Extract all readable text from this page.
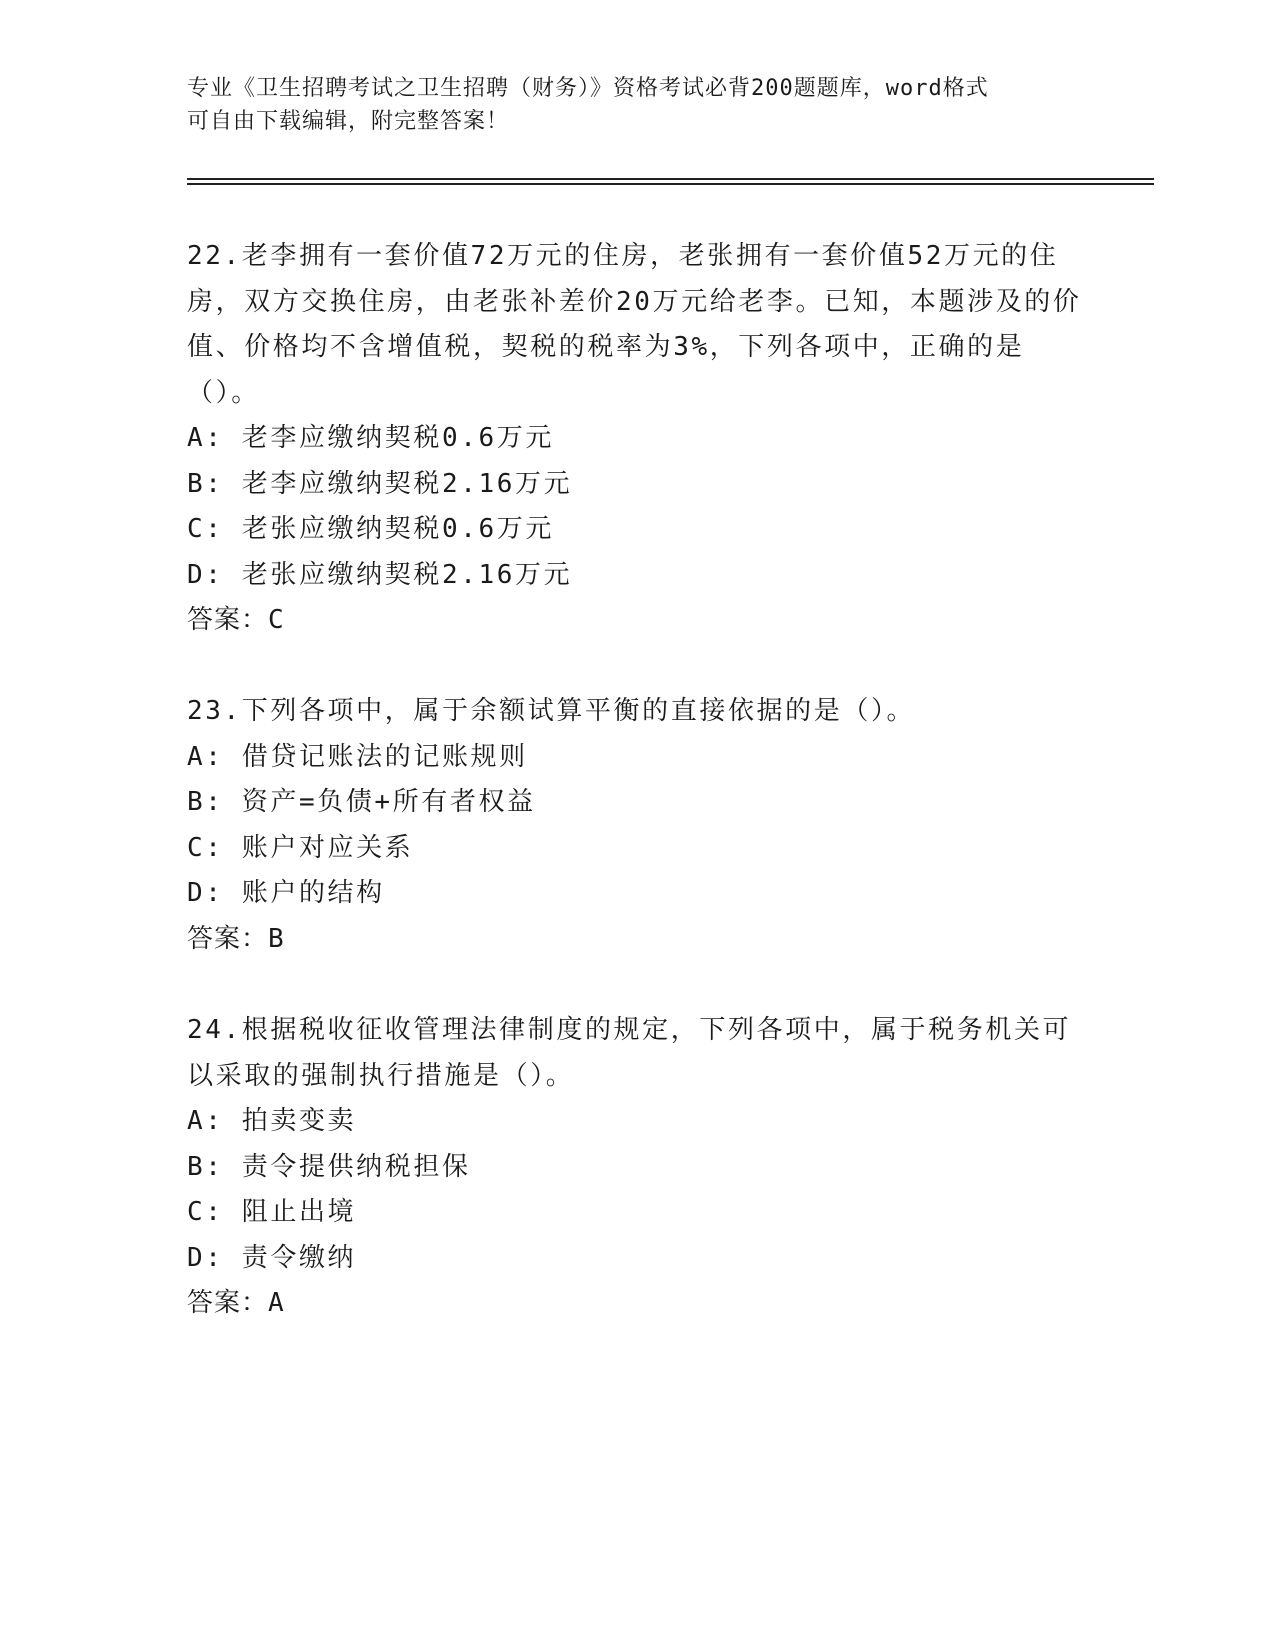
专业《卫生招聘考试之卫生招聘（财务）》资格考试必背200题题库，word格式
可自由下载编辑，附完整答案！
22.老李拥有一套价值72万元的住房，老张拥有一套价值52万元的住房，双方交换住房，由老张补差价20万元给老李。已知，本题涉及的价值、价格均不含增值税，契税的税率为3%，下列各项中，正确的是（）。
A: 老李应缴纳契税0.6万元
B: 老李应缴纳契税2.16万元
C: 老张应缴纳契税0.6万元
D: 老张应缴纳契税2.16万元
答案：C
23.下列各项中，属于余额试算平衡的直接依据的是（）。
A: 借贷记账法的记账规则
B: 资产=负债+所有者权益
C: 账户对应关系
D: 账户的结构
答案：B
24.根据税收征收管理法律制度的规定，下列各项中，属于税务机关可以采取的强制执行措施是（）。
A: 拍卖变卖
B: 责令提供纳税担保
C: 阻止出境
D: 责令缴纳
答案：A
